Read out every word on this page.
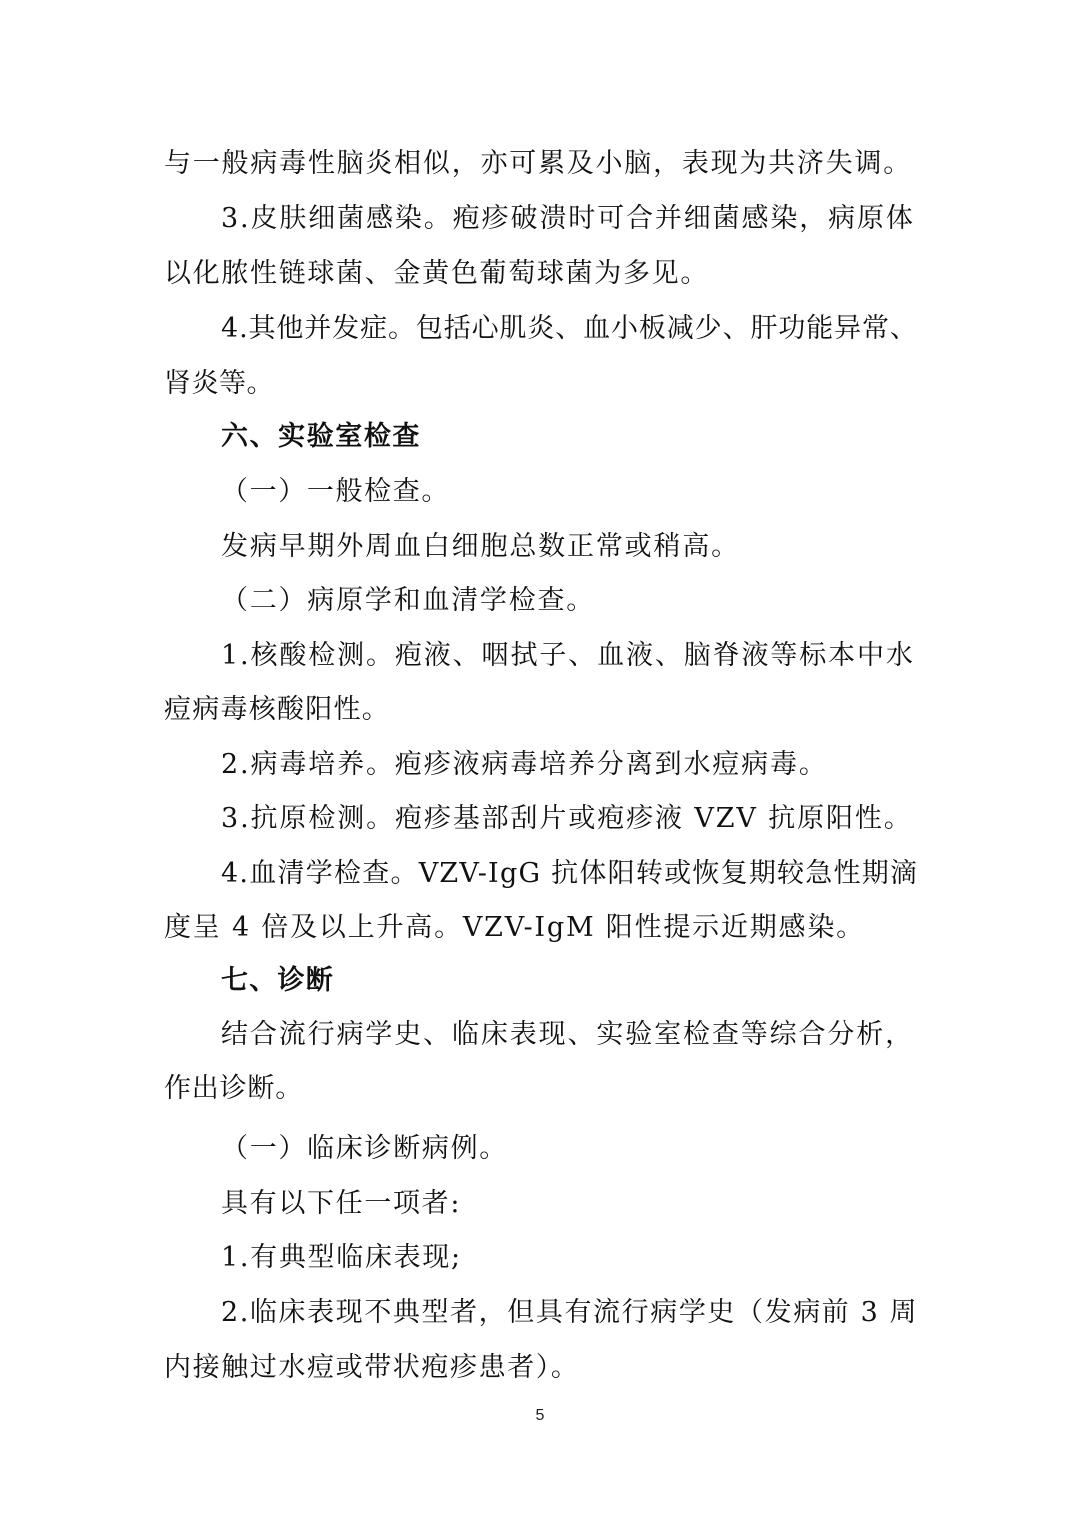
与一般病毒性脑炎相似，亦可累及小脑，表现为共济失调。
3.皮肤细菌感染。疱疹破溃时可合并细菌感染，病原体
以化脓性链球菌、金黄色葡萄球菌为多见。
4.其他并发症。包括心肌炎、血小板减少、肝功能异常、
肾炎等。
六、实验室检查
（一）一般检查。
发病早期外周血白细胞总数正常或稍高。
（二）病原学和血清学检查。
1.核酸检测。疱液、咽拭子、血液、脑脊液等标本中水
痘病毒核酸阳性。
2.病毒培养。疱疹液病毒培养分离到水痘病毒。
3.抗原检测。疱疹基部刮片或疱疹液 VZV 抗原阳性。
4.血清学检查。VZV-IgG 抗体阳转或恢复期较急性期滴
度呈 4 倍及以上升高。VZV-IgM 阳性提示近期感染。
七、诊断
结合流行病学史、临床表现、实验室检查等综合分析，
作出诊断。
（一）临床诊断病例。
具有以下任一项者:
1.有典型临床表现;
2.临床表现不典型者，但具有流行病学史（发病前 3 周
内接触过水痘或带状疱疹患者）。
5
